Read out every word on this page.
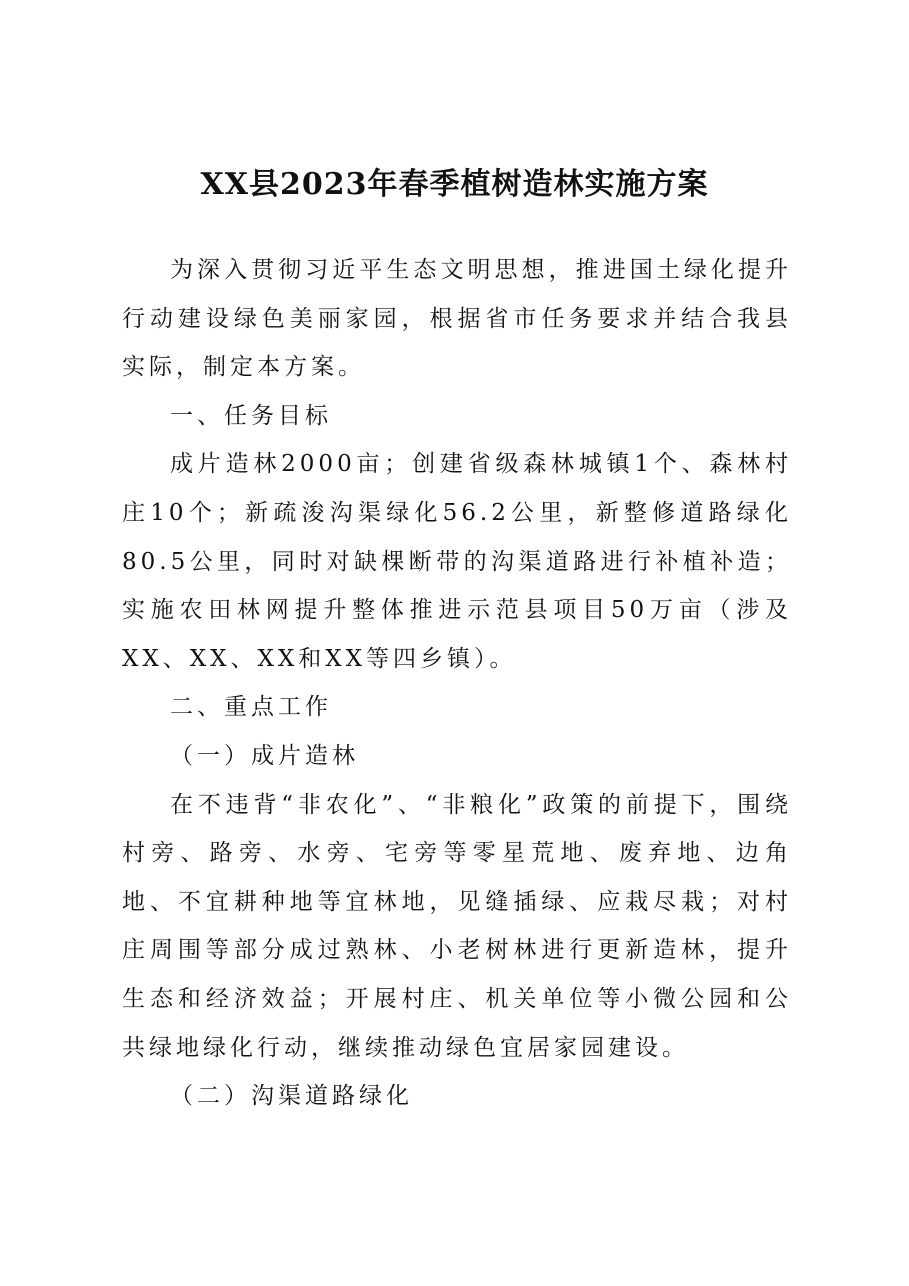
XX县2023年春季植树造林实施方案

为深入贯彻习近平生态文明思想，推进国土绿化提升行动建设绿色美丽家园，根据省市任务要求并结合我县实际，制定本方案。

一、任务目标

成片造林2000亩；创建省级森林城镇1个、森林村庄10个；新疏浚沟渠绿化56.2公里，新整修道路绿化80.5公里，同时对缺棵断带的沟渠道路进行补植补造；实施农田林网提升整体推进示范县项目50万亩（涉及XX、XX、XX和XX等四乡镇）。

二、重点工作

（一）成片造林

在不违背“非农化”、“非粮化”政策的前提下，围绕村旁、路旁、水旁、宅旁等零星荒地、废弃地、边角地、不宜耕种地等宜林地，见缝插绿、应栽尽栽；对村庄周围等部分成过熟林、小老树林进行更新造林，提升生态和经济效益；开展村庄、机关单位等小微公园和公共绿地绿化行动，继续推动绿色宜居家园建设。

（二）沟渠道路绿化
